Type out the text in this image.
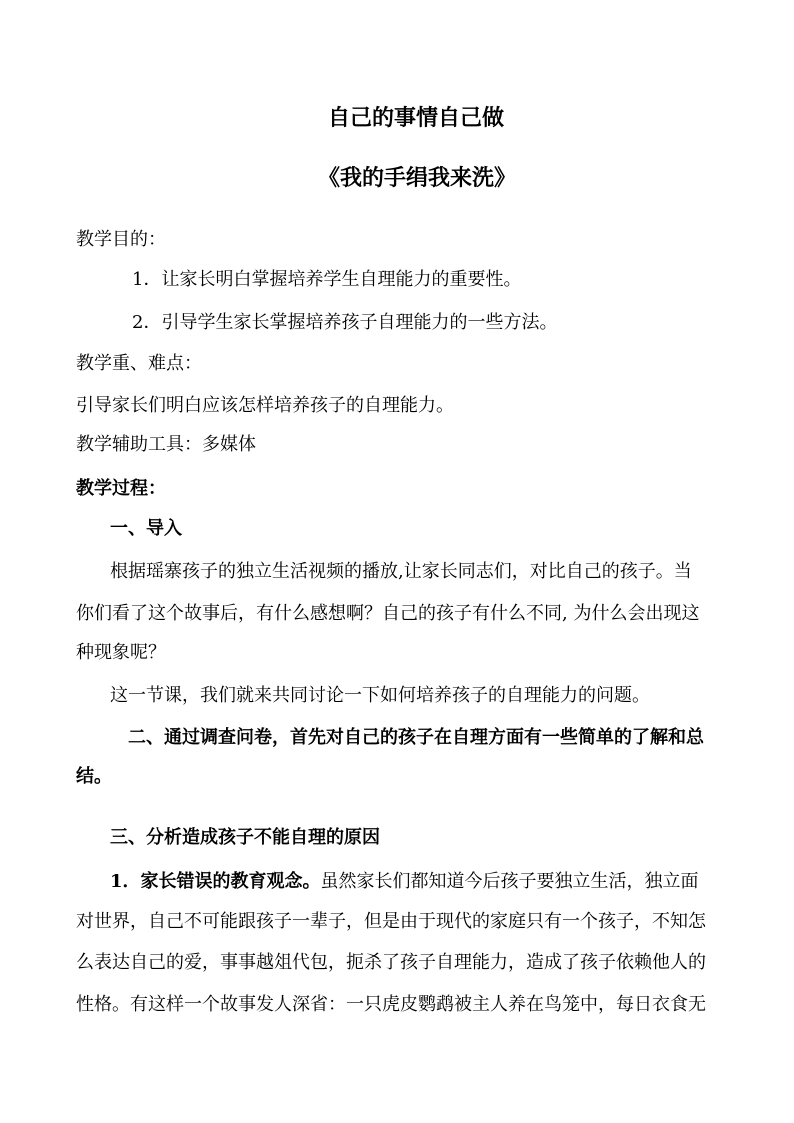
自己的事情自己做
《我的手绢我来洗》
教学目的：
1．让家长明白掌握培养学生自理能力的重要性。
2．引导学生家长掌握培养孩子自理能力的一些方法。
教学重、难点：
引导家长们明白应该怎样培养孩子的自理能力。
教学辅助工具：多媒体
教学过程：
一、导入
根据瑶寨孩子的独立生活视频的播放,让家长同志们，对比自己的孩子。当
你们看了这个故事后，有什么感想啊？自己的孩子有什么不同, 为什么会出现这
种现象呢？
这一节课，我们就来共同讨论一下如何培养孩子的自理能力的问题。
二、通过调查问卷，首先对自己的孩子在自理方面有一些简单的了解和总
结。
三、分析造成孩子不能自理的原因
1．家长错误的教育观念。虽然家长们都知道今后孩子要独立生活，独立面
对世界，自己不可能跟孩子一辈子，但是由于现代的家庭只有一个孩子，不知怎
么表达自己的爱，事事越俎代包，扼杀了孩子自理能力，造成了孩子依赖他人的
性格。有这样一个故事发人深省：一只虎皮鹦鹉被主人养在鸟笼中，每日衣食无
